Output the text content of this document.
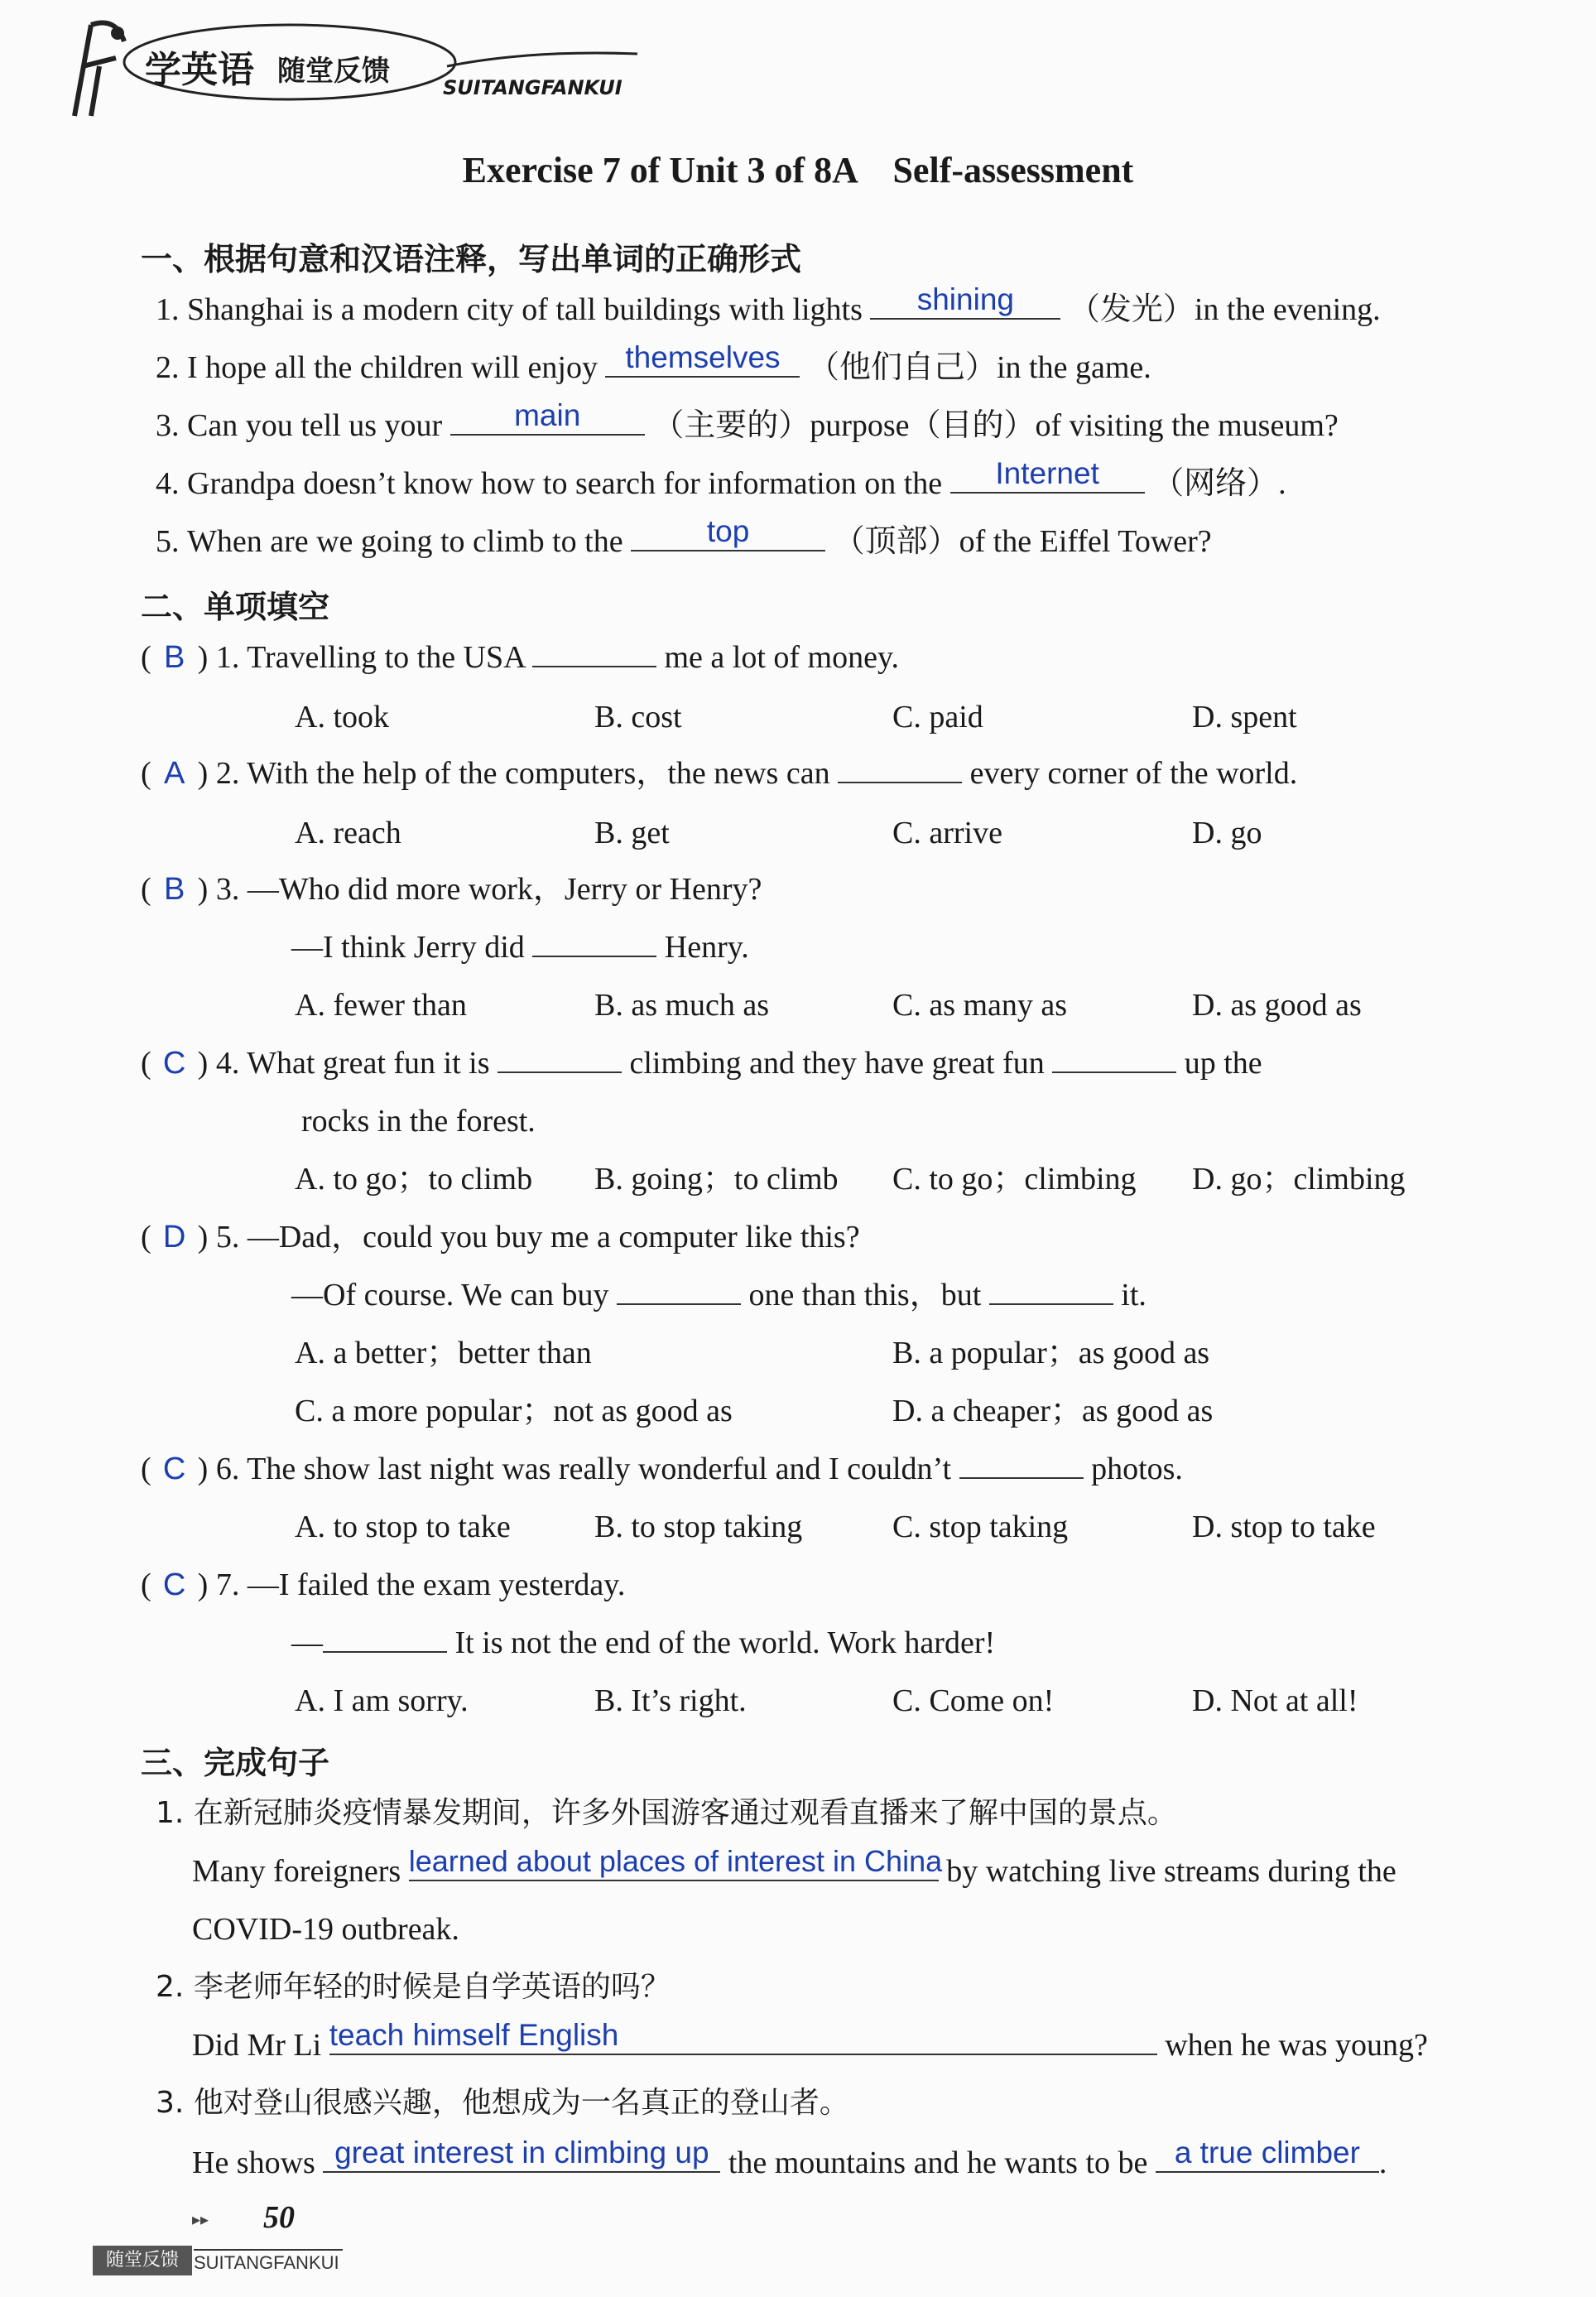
学英语 随堂反馈	SUITANGFANKUI
Exercise 7 of Unit 3 of 8A    Self-assessment
一、根据句意和汉语注释，写出单词的正确形式
1. Shanghai is a modern city of tall buildings with lights	shining	（发光）in the evening.
2. I hope all the children will enjoy themselves （他们自己）in the game.
3. Can you tell us your	main	（主要的）purpose（目的）of visiting the museum?
4. Grandpa doesn’t know how to search for information on the	Internet	（网络）.
5. When are we going to climb to the	top	（顶部）of the Eiffel Tower?
二、单项填空
( B ) 1. Travelling to the USA	me a lot of money.
A. took	B. cost	C. paid	D. spent
( A ) 2. With the help of the computers，the news can	every corner of the world.
A. reach	B. get	C. arrive	D. go
( B ) 3. —Who did more work，Jerry or Henry?
—I think Jerry did	Henry.
A. fewer than	B. as much as	C. as many as	D. as good as
( C ) 4. What great fun it is	climbing and they have great fun	up the
rocks in the forest.
A. to go；to climb B. going；to climb C. to go；climbing D. go；climbing
( D ) 5. —Dad，could you buy me a computer like this?
—Of course. We can buy	one than this，but	it.
A. a better；better than	B. a popular；as good as
C. a more popular；not as good as	D. a cheaper；as good as
( C ) 6. The show last night was really wonderful and I couldn’t	photos.
A. to stop to take	B. to stop taking	C. stop taking	D. stop to take
( C ) 7. —I failed the exam yesterday.
—	It is not the end of the world. Work harder!
A. I am sorry.	B. It’s right.	C. Come on!	D. Not at all!
三、完成句子
1. 在新冠肺炎疫情暴发期间，许多外国游客通过观看直播来了解中国的景点。
Many foreigners learned about places of interest in China by watching live streams during the
COVID-19 outbreak.
2. 李老师年轻的时候是自学英语的吗？
Did Mr Li teach himself English	when he was young?
3. 他对登山很感兴趣，他想成为一名真正的登山者。
He shows great interest in climbing up the mountains and he wants to be a true climber .
▸▸ 50
随堂反馈 SUITANGFANKUI
